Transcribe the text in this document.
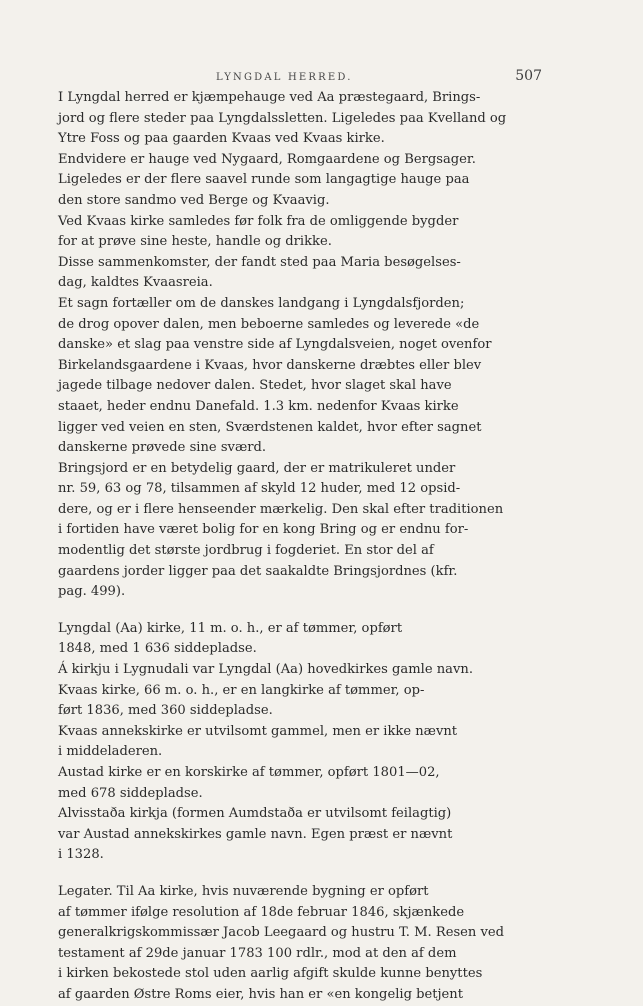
LYNGDAL HERRED.	507

I Lyngdal herred er kjæmpehauge ved Aa præstegaard, Brings-
jord og flere steder paa Lyngdalssletten. Ligeledes paa Kvelland og
Ytre Foss og paa gaarden Kvaas ved Kvaas kirke.

Endvidere er hauge ved Nygaard, Romgaardene og Bergsager.
Ligeledes er der flere saavel runde som langagtige hauge paa
den store sandmo ved Berge og Kvaavig.

Ved Kvaas kirke samledes før folk fra de omliggende bygder
for at prøve sine heste, handle og drikke.

Disse sammenkomster, der fandt sted paa Maria besøgelses-
dag, kaldtes Kvaasreia.

Et sagn fortæller om de danskes landgang i Lyngdalsfjorden;
de drog opover dalen, men beboerne samledes og leverede «de
danske» et slag paa venstre side af Lyngdalsveien, noget ovenfor
Birkelandsgaardene i Kvaas, hvor danskerne dræbtes eller blev
jagede tilbage nedover dalen. Stedet, hvor slaget skal have
staaet, heder endnu Danefald. 1.3 km. nedenfor Kvaas kirke
ligger ved veien en sten, Sværdstenen kaldet, hvor efter sagnet
danskerne prøvede sine sværd.

Bringsjord er en betydelig gaard, der er matrikuleret under
nr. 59, 63 og 78, tilsammen af skyld 12 huder, med 12 opsid-
dere, og er i flere henseender mærkelig. Den skal efter traditionen
i fortiden have været bolig for en kong Bring og er endnu for-
modentlig det største jordbrug i fogderiet. En stor del af
gaardens jorder ligger paa det saakaldte Bringsjordnes (kfr.
pag. 499).

Lyngdal (Aa) kirke, 11 m. o. h., er af tømmer, opført
1848, med 1 636 siddepladse.

Á kirkju i Lygnudali var Lyngdal (Aa) hovedkirkes gamle navn.

Kvaas kirke, 66 m. o. h., er en langkirke af tømmer, op-
ført 1836, med 360 siddepladse.

Kvaas annekskirke er utvilsomt gammel, men er ikke nævnt
i middeladeren.

Austad kirke er en korskirke af tømmer, opført 1801—02,
med 678 siddepladse.

Alvisstaða kirkja (formen Aumdstaða er utvilsomt feilagtig)
var Austad annekskirkes gamle navn. Egen præst er nævnt
i 1328.

Legater. Til Aa kirke, hvis nuværende bygning er opført
af tømmer ifølge resolution af 18de februar 1846, skjænkede
generalkrigskommissær Jacob Leegaard og hustru T. M. Resen ved
testament af 29de januar 1783 100 rdlr., mod at den af dem
i kirken bekostede stol uden aarlig afgift skulde kunne benyttes
af gaarden Østre Roms eier, hvis han er «en kongelig betjent
